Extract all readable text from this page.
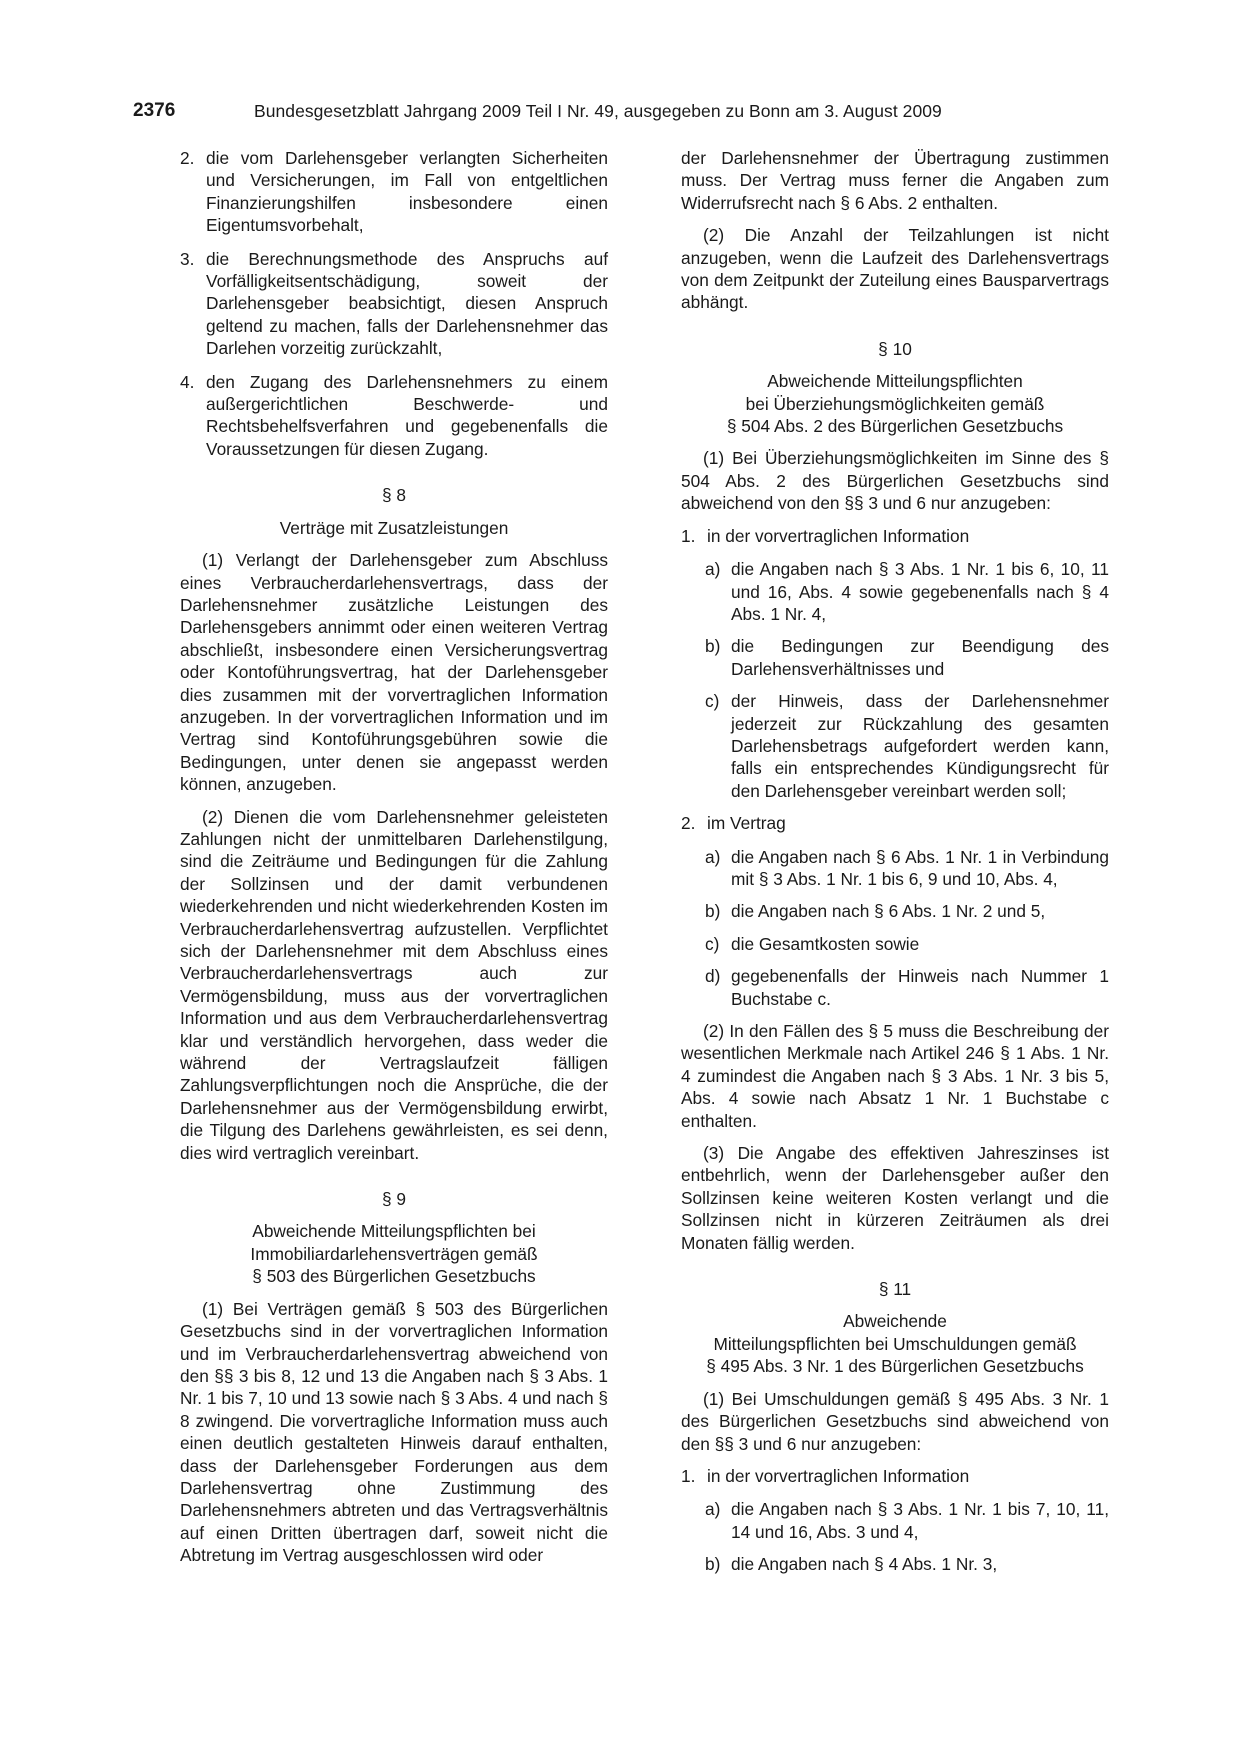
2376	Bundesgesetzblatt Jahrgang 2009 Teil I Nr. 49, ausgegeben zu Bonn am 3. August 2009
2. die vom Darlehensgeber verlangten Sicherheiten und Versicherungen, im Fall von entgeltlichen Finanzierungshilfen insbesondere einen Eigentumsvorbehalt,
3. die Berechnungsmethode des Anspruchs auf Vorfälligkeitsentschädigung, soweit der Darlehensgeber beabsichtigt, diesen Anspruch geltend zu machen, falls der Darlehensnehmer das Darlehen vorzeitig zurückzahlt,
4. den Zugang des Darlehensnehmers zu einem außergerichtlichen Beschwerde- und Rechtsbehelfsverfahren und gegebenenfalls die Voraussetzungen für diesen Zugang.
§ 8
Verträge mit Zusatzleistungen

(1) Verlangt der Darlehensgeber zum Abschluss eines Verbraucherdarlehensvertrags, dass der Darlehensnehmer zusätzliche Leistungen des Darlehensgebers annimmt oder einen weiteren Vertrag abschließt, insbesondere einen Versicherungsvertrag oder Kontoführungsvertrag, hat der Darlehensgeber dies zusammen mit der vorvertraglichen Information anzugeben. In der vorvertraglichen Information und im Vertrag sind Kontoführungsgebühren sowie die Bedingungen, unter denen sie angepasst werden können, anzugeben.

(2) Dienen die vom Darlehensnehmer geleisteten Zahlungen nicht der unmittelbaren Darlehenstilgung, sind die Zeiträume und Bedingungen für die Zahlung der Sollzinsen und der damit verbundenen wiederkehrenden und nicht wiederkehrenden Kosten im Verbraucherdarlehensvertrag aufzustellen. Verpflichtet sich der Darlehensnehmer mit dem Abschluss eines Verbraucherdarlehensvertrags auch zur Vermögensbildung, muss aus der vorvertraglichen Information und aus dem Verbraucherdarlehensvertrag klar und verständlich hervorgehen, dass weder die während der Vertragslaufzeit fälligen Zahlungsverpflichtungen noch die Ansprüche, die der Darlehensnehmer aus der Vermögensbildung erwirbt, die Tilgung des Darlehens gewährleisten, es sei denn, dies wird vertraglich vereinbart.

§ 9
Abweichende Mitteilungspflichten bei
Immobiliardarlehensverträgen gemäß
§ 503 des Bürgerlichen Gesetzbuchs

(1) Bei Verträgen gemäß § 503 des Bürgerlichen Gesetzbuchs sind in der vorvertraglichen Information und im Verbraucherdarlehensvertrag abweichend von den §§ 3 bis 8, 12 und 13 die Angaben nach § 3 Abs. 1 Nr. 1 bis 7, 10 und 13 sowie nach § 3 Abs. 4 und nach § 8 zwingend. Die vorvertragliche Information muss auch einen deutlich gestalteten Hinweis darauf enthalten, dass der Darlehensgeber Forderungen aus dem Darlehensvertrag ohne Zustimmung des Darlehensnehmers abtreten und das Vertragsverhältnis auf einen Dritten übertragen darf, soweit nicht die Abtretung im Vertrag ausgeschlossen wird oder

der Darlehensnehmer der Übertragung zustimmen muss. Der Vertrag muss ferner die Angaben zum Widerrufsrecht nach § 6 Abs. 2 enthalten.

(2) Die Anzahl der Teilzahlungen ist nicht anzugeben, wenn die Laufzeit des Darlehensvertrags von dem Zeitpunkt der Zuteilung eines Bausparvertrags abhängt.

§ 10
Abweichende Mitteilungspflichten
bei Überziehungsmöglichkeiten gemäß
§ 504 Abs. 2 des Bürgerlichen Gesetzbuchs

(1) Bei Überziehungsmöglichkeiten im Sinne des § 504 Abs. 2 des Bürgerlichen Gesetzbuchs sind abweichend von den §§ 3 und 6 nur anzugeben:

1. in der vorvertraglichen Information
a) die Angaben nach § 3 Abs. 1 Nr. 1 bis 6, 10, 11 und 16, Abs. 4 sowie gegebenenfalls nach § 4 Abs. 1 Nr. 4,
b) die Bedingungen zur Beendigung des Darlehensverhältnisses und
c) der Hinweis, dass der Darlehensnehmer jederzeit zur Rückzahlung des gesamten Darlehensbetrags aufgefordert werden kann, falls ein entsprechendes Kündigungsrecht für den Darlehensgeber vereinbart werden soll;
2. im Vertrag
a) die Angaben nach § 6 Abs. 1 Nr. 1 in Verbindung mit § 3 Abs. 1 Nr. 1 bis 6, 9 und 10, Abs. 4,
b) die Angaben nach § 6 Abs. 1 Nr. 2 und 5,
c) die Gesamtkosten sowie
d) gegebenenfalls der Hinweis nach Nummer 1 Buchstabe c.

(2) In den Fällen des § 5 muss die Beschreibung der wesentlichen Merkmale nach Artikel 246 § 1 Abs. 1 Nr. 4 zumindest die Angaben nach § 3 Abs. 1 Nr. 3 bis 5, Abs. 4 sowie nach Absatz 1 Nr. 1 Buchstabe c enthalten.

(3) Die Angabe des effektiven Jahreszinses ist entbehrlich, wenn der Darlehensgeber außer den Sollzinsen keine weiteren Kosten verlangt und die Sollzinsen nicht in kürzeren Zeiträumen als drei Monaten fällig werden.

§ 11
Abweichende
Mitteilungspflichten bei Umschuldungen gemäß
§ 495 Abs. 3 Nr. 1 des Bürgerlichen Gesetzbuchs

(1) Bei Umschuldungen gemäß § 495 Abs. 3 Nr. 1 des Bürgerlichen Gesetzbuchs sind abweichend von den §§ 3 und 6 nur anzugeben:

1. in der vorvertraglichen Information
a) die Angaben nach § 3 Abs. 1 Nr. 1 bis 7, 10, 11, 14 und 16, Abs. 3 und 4,
b) die Angaben nach § 4 Abs. 1 Nr. 3,
